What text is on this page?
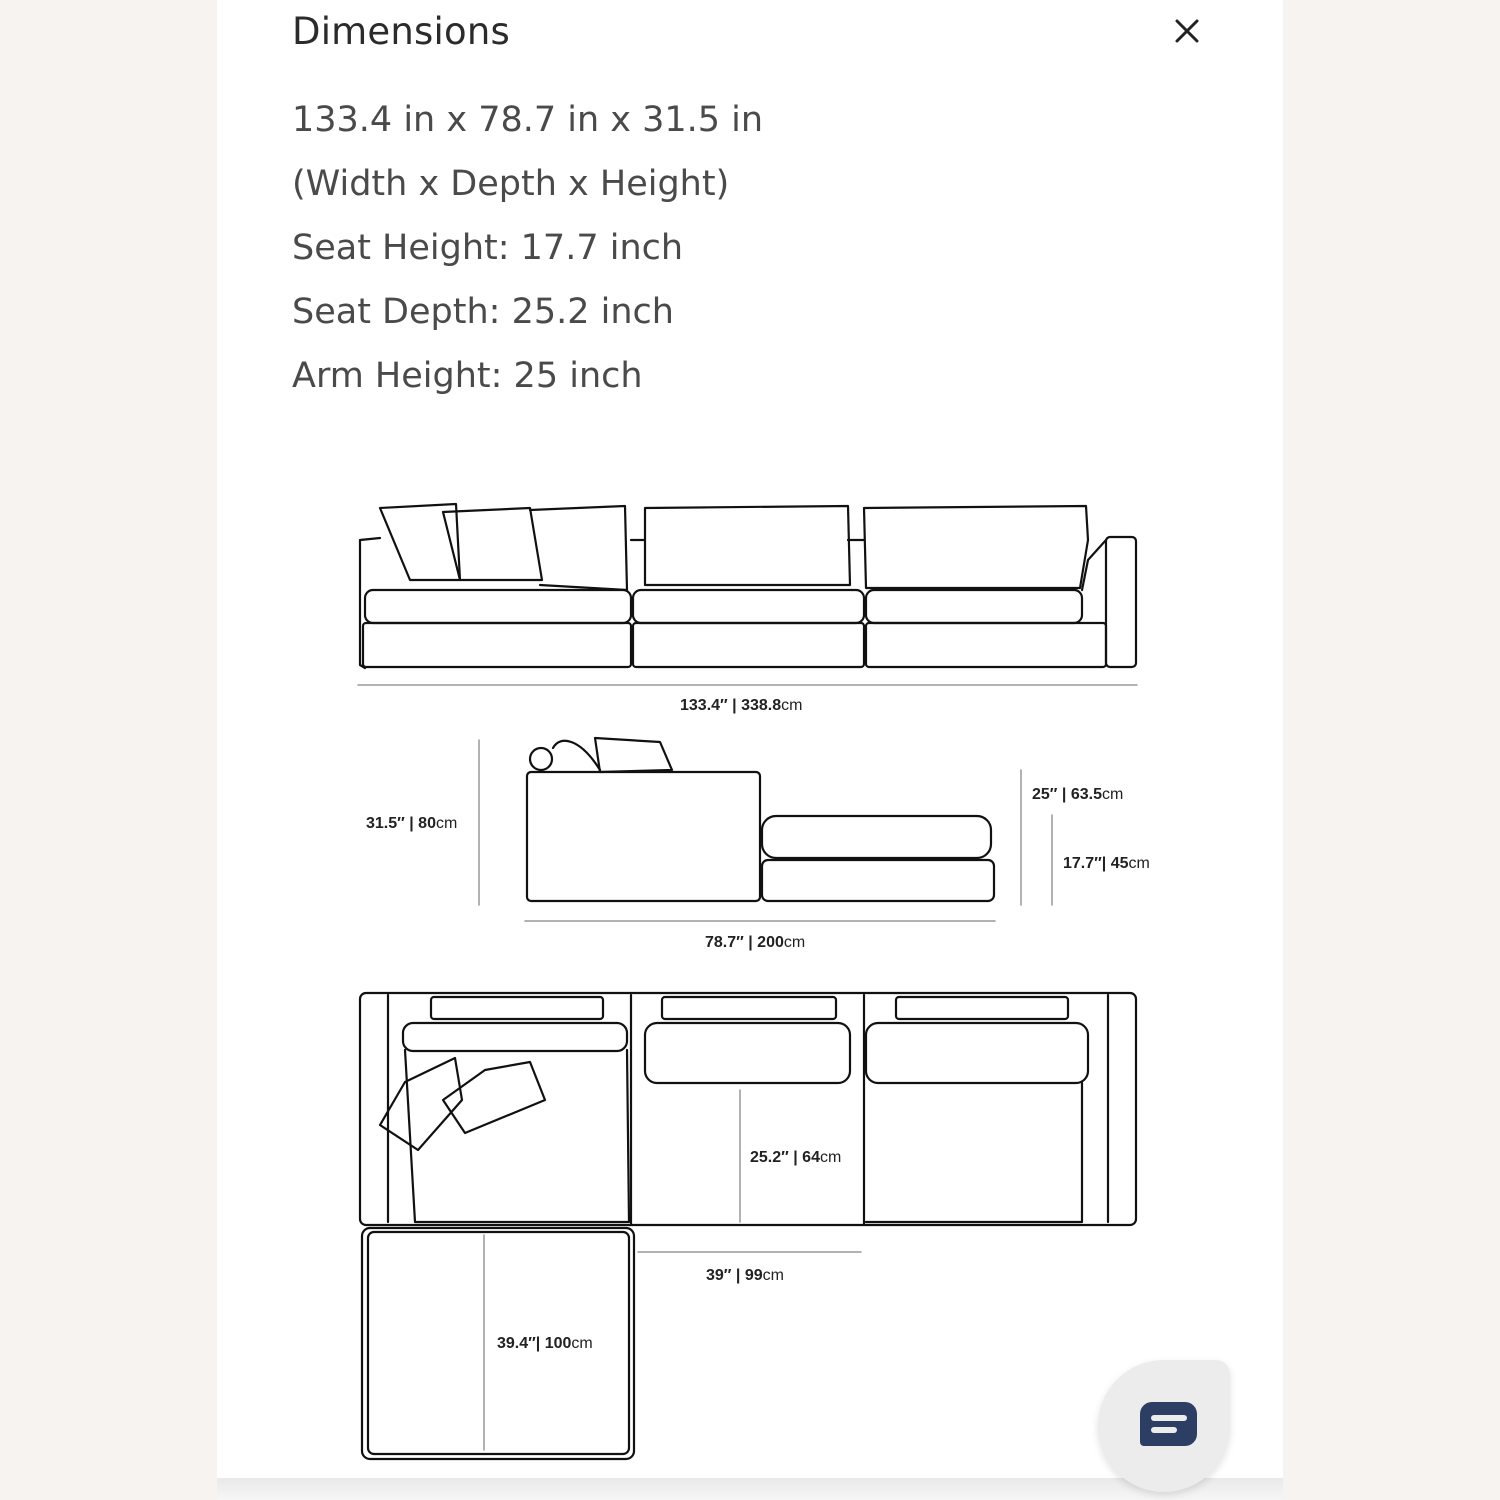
Dimensions
133.4 in x 78.7 in x 31.5 in
(Width x Depth x Height)
Seat Height: 17.7 inch
Seat Depth: 25.2 inch
Arm Height: 25 inch
133.4″ | 338.8cm
31.5″ | 80cm
25″ | 63.5cm
17.7″| 45cm
78.7″ | 200cm
25.2″ | 64cm
39″ | 99cm
39.4″| 100cm
